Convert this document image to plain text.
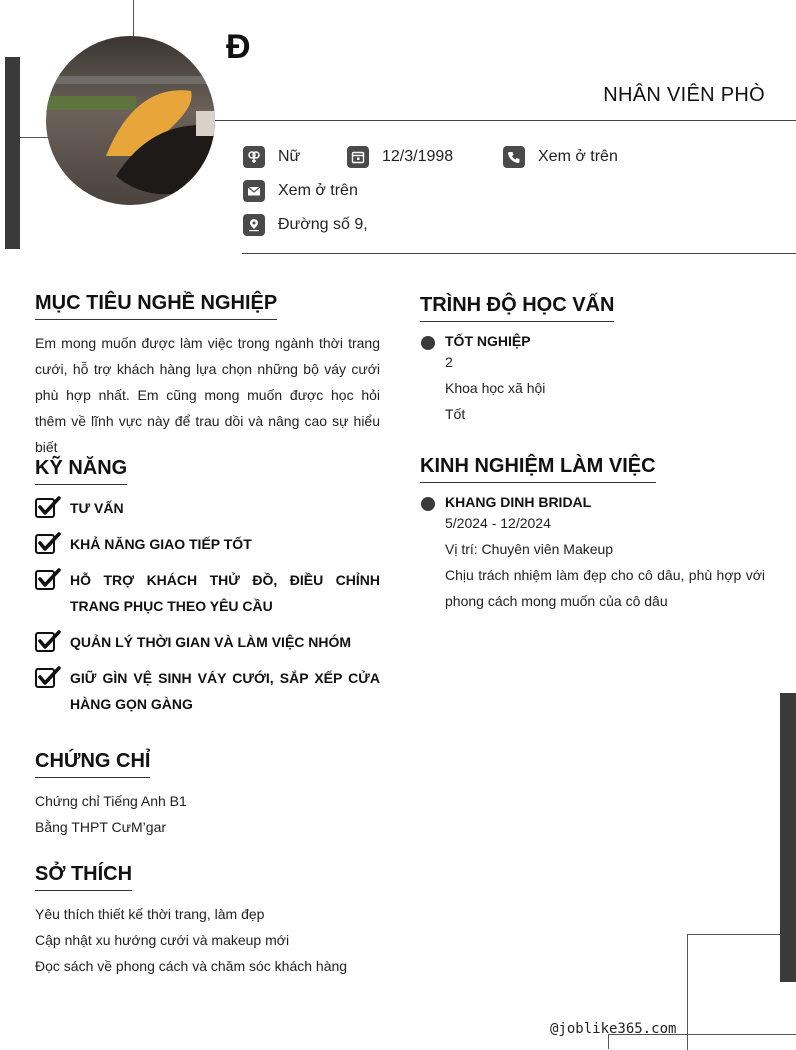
Đ
NHÂN VIÊN PHÒ
Nữ	12/3/1998	Xem ở trên
Xem ở trên
Đường số 9,
MỤC TIÊU NGHỀ NGHIỆP
Em mong muốn được làm việc trong ngành thời trang cưới, hỗ trợ khách hàng lựa chọn những bộ váy cưới phù hợp nhất. Em cũng mong muốn được học hỏi thêm về lĩnh vực này để trau dồi và nâng cao sự hiểu biết
KỸ NĂNG
TƯ VẤN
KHẢ NĂNG GIAO TIẾP TỐT
HỖ TRỢ KHÁCH THỬ ĐỒ, ĐIỀU CHỈNH TRANG PHỤC THEO YÊU CẦU
QUẢN LÝ THỜI GIAN VÀ LÀM VIỆC NHÓM
GIỮ GÌN VỆ SINH VÁY CƯỚI, SẮP XẾP CỬA HÀNG GỌN GÀNG
CHỨNG CHỈ
Chứng chỉ Tiếng Anh B1
Bằng THPT CưM’gar
SỞ THÍCH
Yêu thích thiết kế thời trang, làm đẹp
Cập nhật xu hướng cưới và makeup mới
Đọc sách về phong cách và chăm sóc khách hàng
TRÌNH ĐỘ HỌC VẤN
TỐT NGHIỆP
2
Khoa học xã hội
Tốt
KINH NGHIỆM LÀM VIỆC
KHANG DINH BRIDAL
5/2024 - 12/2024
Vị trí: Chuyên viên Makeup
Chịu trách nhiệm làm đẹp cho cô dâu, phù hợp với phong cách mong muốn của cô dâu
@joblike365.com
